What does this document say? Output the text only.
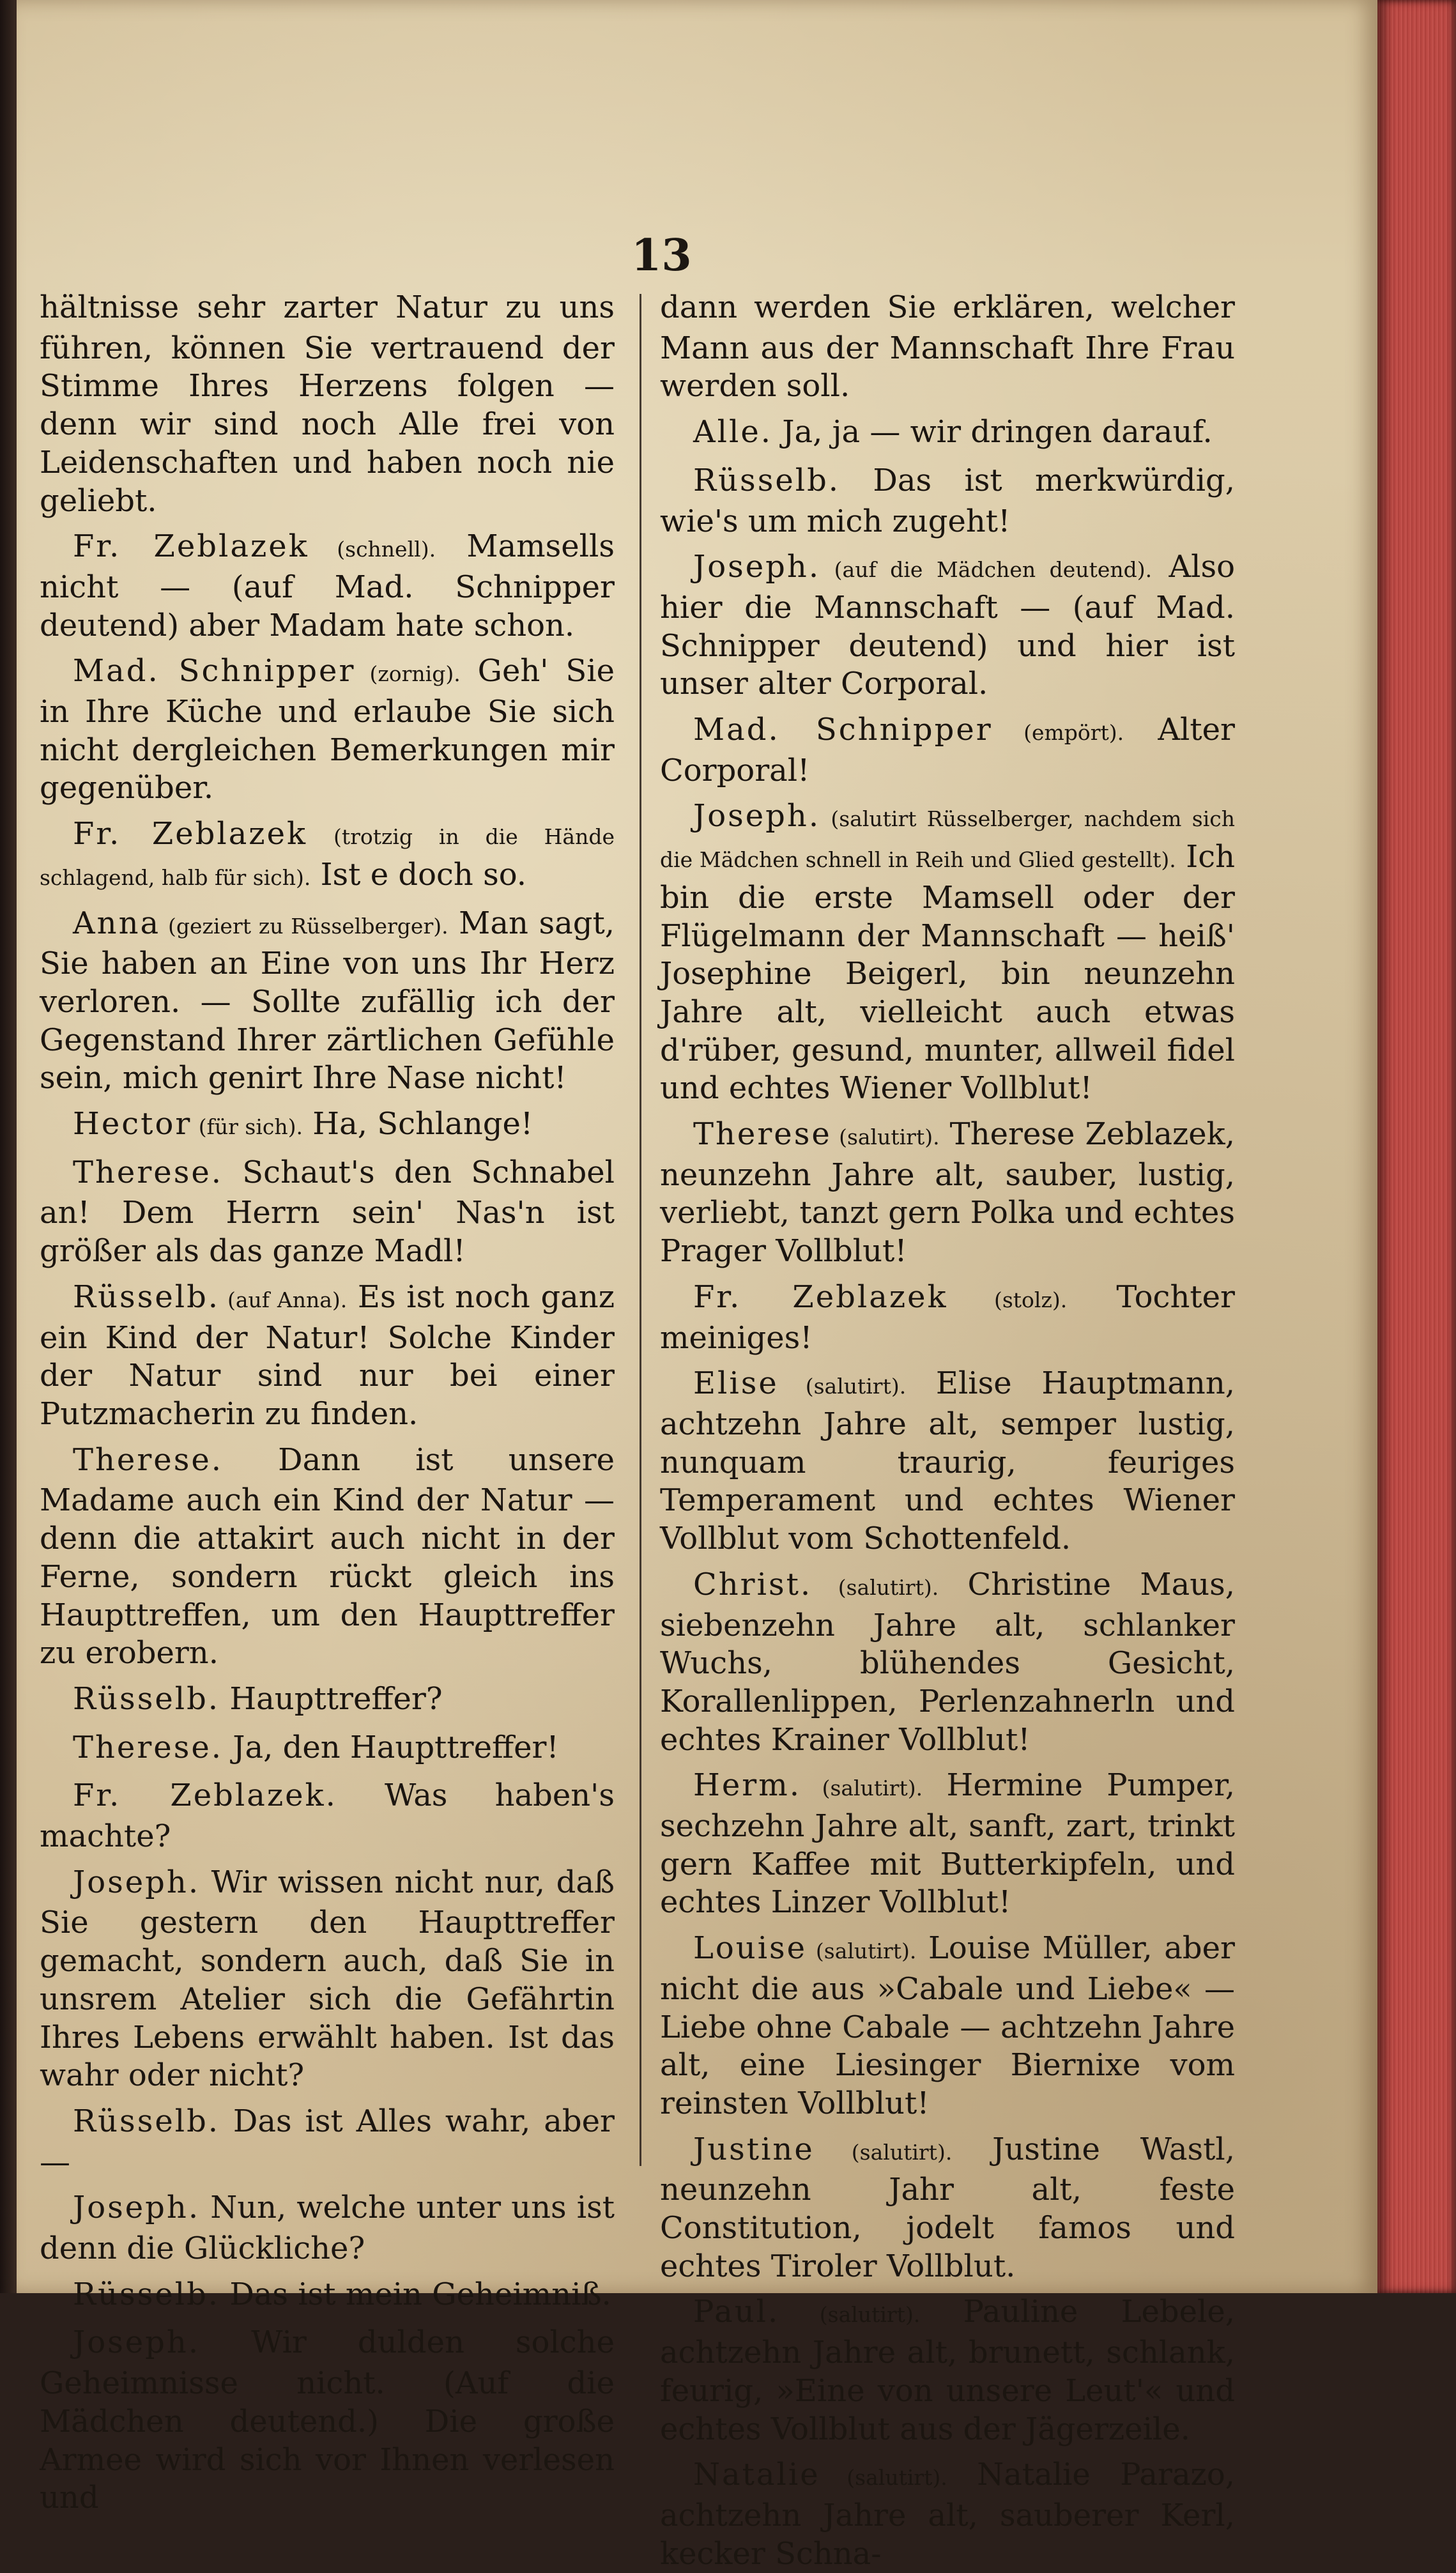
13

hältnisse sehr zarter Natur zu uns führen, können Sie vertrauend der Stimme Ihres Herzens folgen — denn wir sind noch Alle frei von Leidenschaften und haben noch nie geliebt.

Fr. Zeblazek (schnell). Mamsells nicht — (auf Mad. Schnipper deutend) aber Madam hate schon.

Mad. Schnipper (zornig). Geh' Sie in Ihre Küche und erlaube Sie sich nicht dergleichen Bemerkungen mir gegenüber.

Fr. Zeblazek (trotzig in die Hände schlagend, halb für sich). Ist e doch so.

Anna (geziert zu Rüsselberger). Man sagt, Sie haben an Eine von uns Ihr Herz verloren. — Sollte zufällig ich der Gegenstand Ihrer zärtlichen Gefühle sein, mich genirt Ihre Nase nicht!

Hector (für sich). Ha, Schlange!

Therese. Schaut's den Schnabel an! Dem Herrn sein' Nas'n ist größer als das ganze Madl!

Rüsselb. (auf Anna). Es ist noch ganz ein Kind der Natur! Solche Kinder der Natur sind nur bei einer Putzmacherin zu finden.

Therese. Dann ist unsere Madame auch ein Kind der Natur — denn die attakirt auch nicht in der Ferne, sondern rückt gleich ins Haupttreffen, um den Haupttreffer zu erobern.

Rüsselb. Haupttreffer?

Therese. Ja, den Haupttreffer!

Fr. Zeblazek. Was haben's machte?

Joseph. Wir wissen nicht nur, daß Sie gestern den Haupttreffer gemacht, sondern auch, daß Sie in unsrem Atelier sich die Gefährtin Ihres Lebens erwählt haben. Ist das wahr oder nicht?

Rüsselb. Das ist Alles wahr, aber —

Joseph. Nun, welche unter uns ist denn die Glückliche?

Rüsselb. Das ist mein Geheimniß.

Joseph. Wir dulden solche Geheimnisse nicht. (Auf die Mädchen deutend.) Die große Armee wird sich vor Ihnen verlesen und

dann werden Sie erklären, welcher Mann aus der Mannschaft Ihre Frau werden soll.

Alle. Ja, ja — wir dringen darauf.

Rüsselb. Das ist merkwürdig, wie's um mich zugeht!

Joseph. (auf die Mädchen deutend). Also hier die Mannschaft — (auf Mad. Schnipper deutend) und hier ist unser alter Corporal.

Mad. Schnipper (empört). Alter Corporal!

Joseph. (salutirt Rüsselberger, nachdem sich die Mädchen schnell in Reih und Glied gestellt). Ich bin die erste Mamsell oder der Flügelmann der Mannschaft — heiß' Josephine Beigerl, bin neunzehn Jahre alt, vielleicht auch etwas d'rüber, gesund, munter, allweil fidel und echtes Wiener Vollblut!

Therese (salutirt). Therese Zeblazek, neunzehn Jahre alt, sauber, lustig, verliebt, tanzt gern Polka und echtes Prager Vollblut!

Fr. Zeblazek (stolz). Tochter meiniges!

Elise (salutirt). Elise Hauptmann, achtzehn Jahre alt, semper lustig, nunquam traurig, feuriges Temperament und echtes Wiener Vollblut vom Schottenfeld.

Christ. (salutirt). Christine Maus, siebenzehn Jahre alt, schlanker Wuchs, blühendes Gesicht, Korallenlippen, Perlenzahnerln und echtes Krainer Vollblut!

Herm. (salutirt). Hermine Pumper, sechzehn Jahre alt, sanft, zart, trinkt gern Kaffee mit Butterkipfeln, und echtes Linzer Vollblut!

Louise (salutirt). Louise Müller, aber nicht die aus »Cabale und Liebe« — Liebe ohne Cabale — achtzehn Jahre alt, eine Liesinger Biernixe vom reinsten Vollblut!

Justine (salutirt). Justine Wastl, neunzehn Jahr alt, feste Constitution, jodelt famos und echtes Tiroler Vollblut.

Paul. (salutirt). Pauline Lebele, achtzehn Jahre alt, brunett, schlank, feurig, »Eine von unsere Leut'« und echtes Vollblut aus der Jägerzeile.

Natalie (salutirt). Natalie Parazo, achtzehn Jahre alt, sauberer Kerl, kecker Schna-
